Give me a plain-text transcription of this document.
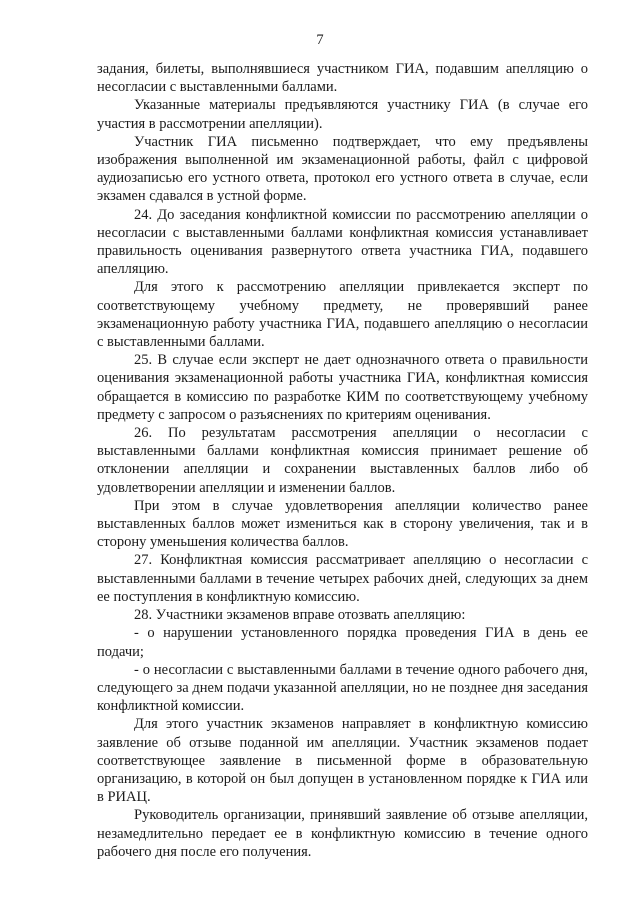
7

задания, билеты, выполнявшиеся участником ГИА, подавшим апелляцию о несогласии с выставленными баллами.

Указанные материалы предъявляются участнику ГИА (в случае его участия в рассмотрении апелляции).

Участник ГИА письменно подтверждает, что ему предъявлены изображения выполненной им экзаменационной работы, файл с цифровой аудиозаписью его устного ответа, протокол его устного ответа в случае, если экзамен сдавался в устной форме.

24. До заседания конфликтной комиссии по рассмотрению апелляции о несогласии с выставленными баллами конфликтная комиссия устанавливает правильность оценивания развернутого ответа участника ГИА, подавшего апелляцию.

Для этого к рассмотрению апелляции привлекается эксперт по соответствующему учебному предмету, не проверявший ранее экзаменационную работу участника ГИА, подавшего апелляцию о несогласии с выставленными баллами.

25. В случае если эксперт не дает однозначного ответа о правильности оценивания экзаменационной работы участника ГИА, конфликтная комиссия обращается в комиссию по разработке КИМ по соответствующему учебному предмету с запросом о разъяснениях по критериям оценивания.

26. По результатам рассмотрения апелляции о несогласии с выставленными баллами конфликтная комиссия принимает решение об отклонении апелляции и сохранении выставленных баллов либо об удовлетворении апелляции и изменении баллов.

При этом в случае удовлетворения апелляции количество ранее выставленных баллов может измениться как в сторону увеличения, так и в сторону уменьшения количества баллов.

27. Конфликтная комиссия рассматривает апелляцию о несогласии с выставленными баллами в течение четырех рабочих дней, следующих за днем ее поступления в конфликтную комиссию.

28. Участники экзаменов вправе отозвать апелляцию:

- о нарушении установленного порядка проведения ГИА в день ее подачи;

- о несогласии с выставленными баллами в течение одного рабочего дня, следующего за днем подачи указанной апелляции, но не позднее дня заседания конфликтной комиссии.

Для этого участник экзаменов направляет в конфликтную комиссию заявление об отзыве поданной им апелляции. Участник экзаменов подает соответствующее заявление в письменной форме в образовательную организацию, в которой он был допущен в установленном порядке к ГИА или в РИАЦ.

Руководитель организации, принявший заявление об отзыве апелляции, незамедлительно передает ее в конфликтную комиссию в течение одного рабочего дня после его получения.
